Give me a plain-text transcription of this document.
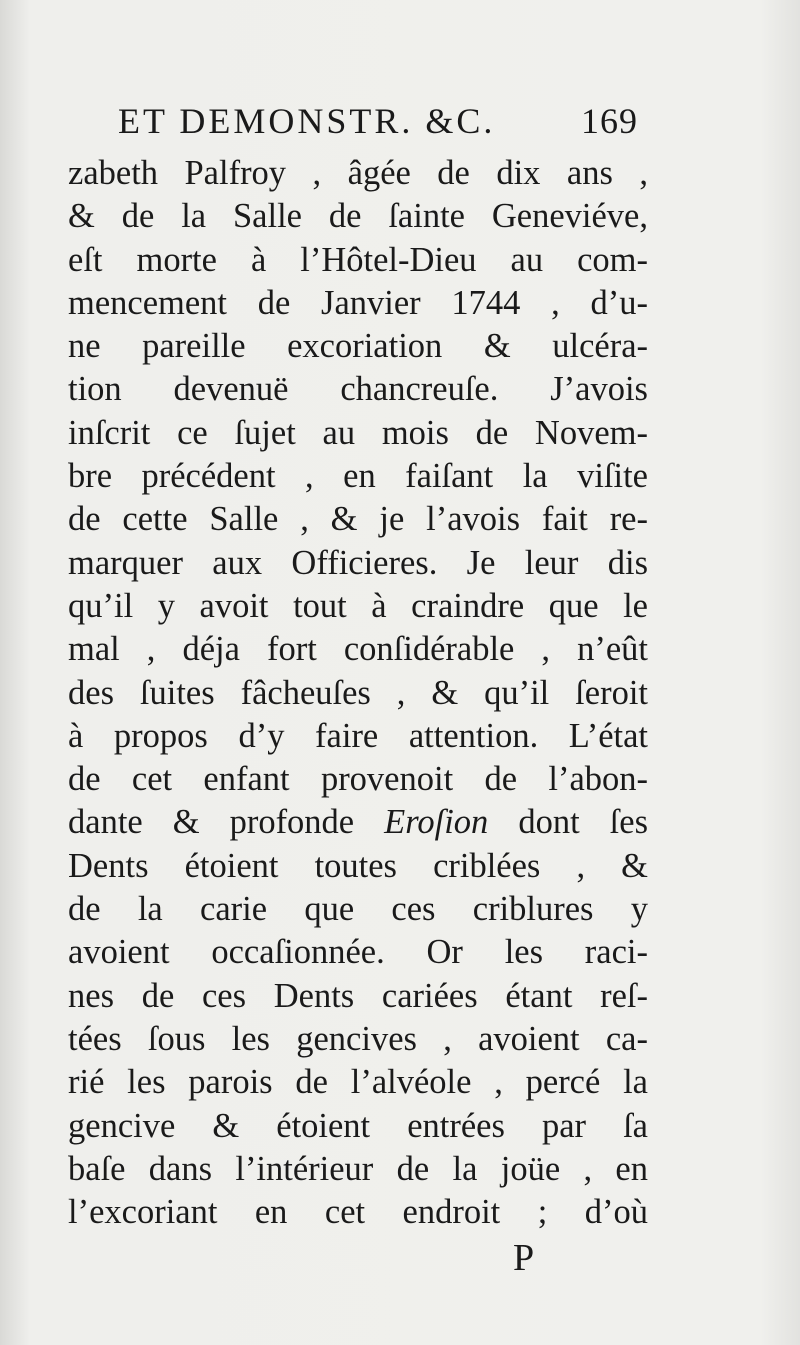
ET DEMONSTR. &C. 169
zabeth Palfroy , âgée de dix ans ,
& de la Salle de ſainte Geneviéve,
eſt morte à l’Hôtel-Dieu au com-
mencement de Janvier 1744 , d’u-
ne pareille excoriation & ulcéra-
tion devenuë chancreuſe. J’avois
inſcrit ce ſujet au mois de Novem-
bre précédent , en faiſant la viſite
de cette Salle , & je l’avois fait re-
marquer aux Officieres. Je leur dis
qu’il y avoit tout à craindre que le
mal , déja fort conſidérable , n’eût
des ſuites fâcheuſes , & qu’il ſeroit
à propos d’y faire attention. L’état
de cet enfant provenoit de l’abon-
dante & profonde Eroſion dont ſes
Dents étoient toutes criblées , &
de la carie que ces criblures y
avoient occaſionnée. Or les raci-
nes de ces Dents cariées étant reſ-
tées ſous les gencives , avoient ca-
rié les parois de l’alvéole , percé la
gencive & étoient entrées par ſa
baſe dans l’intérieur de la joüe , en
l’excoriant en cet endroit ; d’où
P
